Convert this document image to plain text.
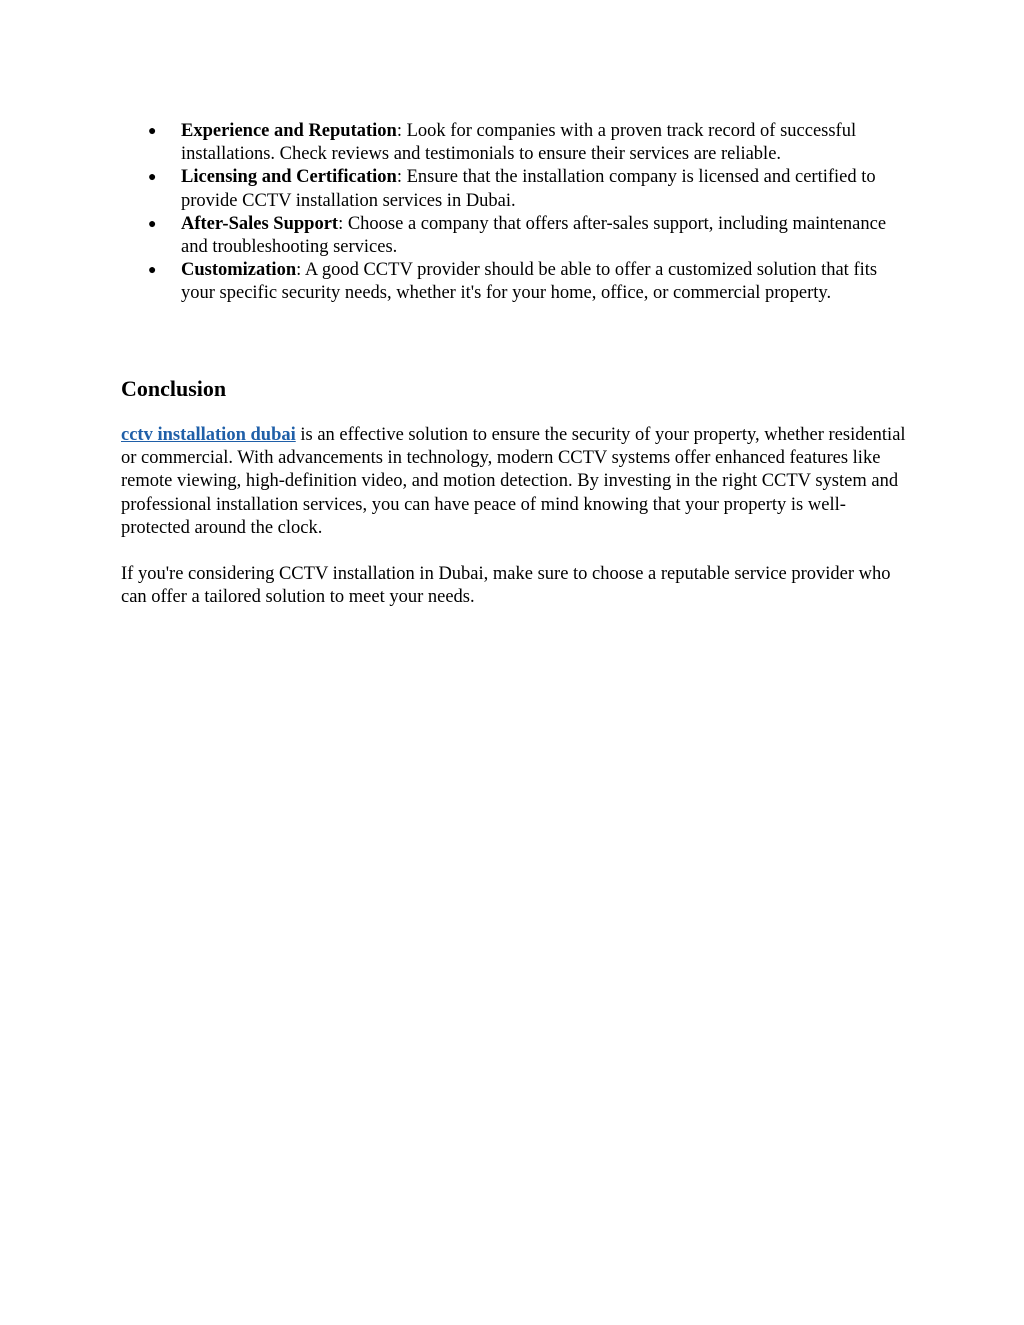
● Experience and Reputation: Look for companies with a proven track record of successful installations. Check reviews and testimonials to ensure their services are reliable.
● Licensing and Certification: Ensure that the installation company is licensed and certified to provide CCTV installation services in Dubai.
● After-Sales Support: Choose a company that offers after-sales support, including maintenance and troubleshooting services.
● Customization: A good CCTV provider should be able to offer a customized solution that fits your specific security needs, whether it's for your home, office, or commercial property.
Conclusion

cctv installation dubai is an effective solution to ensure the security of your property, whether residential or commercial. With advancements in technology, modern CCTV systems offer enhanced features like remote viewing, high-definition video, and motion detection. By investing in the right CCTV system and professional installation services, you can have peace of mind knowing that your property is well-protected around the clock.

If you're considering CCTV installation in Dubai, make sure to choose a reputable service provider who can offer a tailored solution to meet your needs.
